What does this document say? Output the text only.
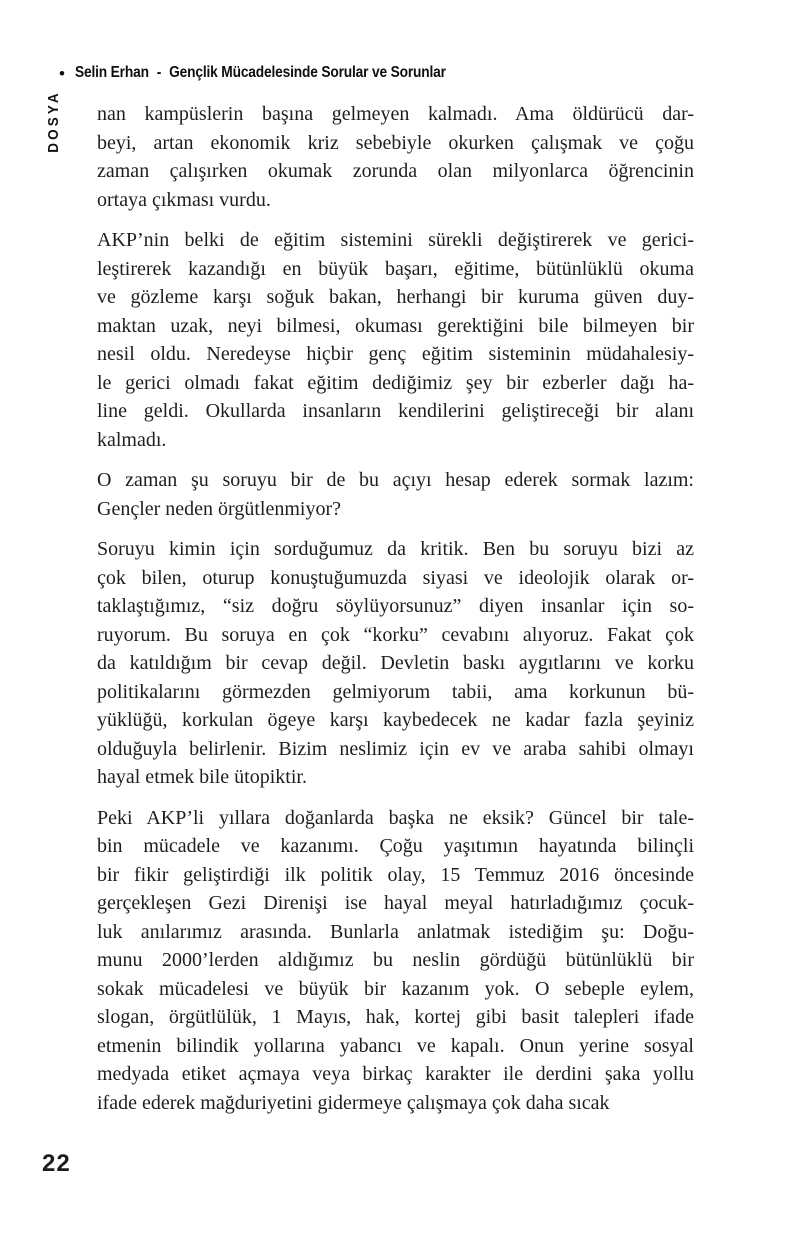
• Selin Erhan - Gençlik Mücadelesinde Sorular ve Sorunlar
DOSYA nan kampüslerin başına gelmeyen kalmadı. Ama öldürücü dar-
beyi, artan ekonomik kriz sebebiyle okurken çalışmak ve çoğu
zaman çalışırken okumak zorunda olan milyonlarca öğrencinin
ortaya çıkması vurdu.
AKP’nin belki de eğitim sistemini sürekli değiştirerek ve gerici-
leştirerek kazandığı en büyük başarı, eğitime, bütünlüklü okuma
ve gözleme karşı soğuk bakan, herhangi bir kuruma güven duy-
maktan uzak, neyi bilmesi, okuması gerektiğini bile bilmeyen bir
nesil oldu. Neredeyse hiçbir genç eğitim sisteminin müdahalesiy-
le gerici olmadı fakat eğitim dediğimiz şey bir ezberler dağı ha-
line geldi. Okullarda insanların kendilerini geliştireceği bir alanı
kalmadı.
O zaman şu soruyu bir de bu açıyı hesap ederek sormak lazım:
Gençler neden örgütlenmiyor?
Soruyu kimin için sorduğumuz da kritik. Ben bu soruyu bizi az
çok bilen, oturup konuştuğumuzda siyasi ve ideolojik olarak or-
taklaştığımız, “siz doğru söylüyorsunuz” diyen insanlar için so-
ruyorum. Bu soruya en çok “korku” cevabını alıyoruz. Fakat çok
da katıldığım bir cevap değil. Devletin baskı aygıtlarını ve korku
politikalarını görmezden gelmiyorum tabii, ama korkunun bü-
yüklüğü, korkulan ögeye karşı kaybedecek ne kadar fazla şeyiniz
olduğuyla belirlenir. Bizim neslimiz için ev ve araba sahibi olmayı
hayal etmek bile ütopiktir.
Peki AKP’li yıllara doğanlarda başka ne eksik? Güncel bir tale-
bin mücadele ve kazanımı. Çoğu yaşıtımın hayatında bilinçli
bir fikir geliştirdiği ilk politik olay, 15 Temmuz 2016 öncesinde
gerçekleşen Gezi Direnişi ise hayal meyal hatırladığımız çocuk-
luk anılarımız arasında. Bunlarla anlatmak istediğim şu: Doğu-
munu 2000’lerden aldığımız bu neslin gördüğü bütünlüklü bir
sokak mücadelesi ve büyük bir kazanım yok. O sebeple eylem,
slogan, örgütlülük, 1 Mayıs, hak, kortej gibi basit talepleri ifade
etmenin bilindik yollarına yabancı ve kapalı. Onun yerine sosyal
medyada etiket açmaya veya birkaç karakter ile derdini şaka yollu
ifade ederek mağduriyetini gidermeye çalışmaya çok daha sıcak
22
